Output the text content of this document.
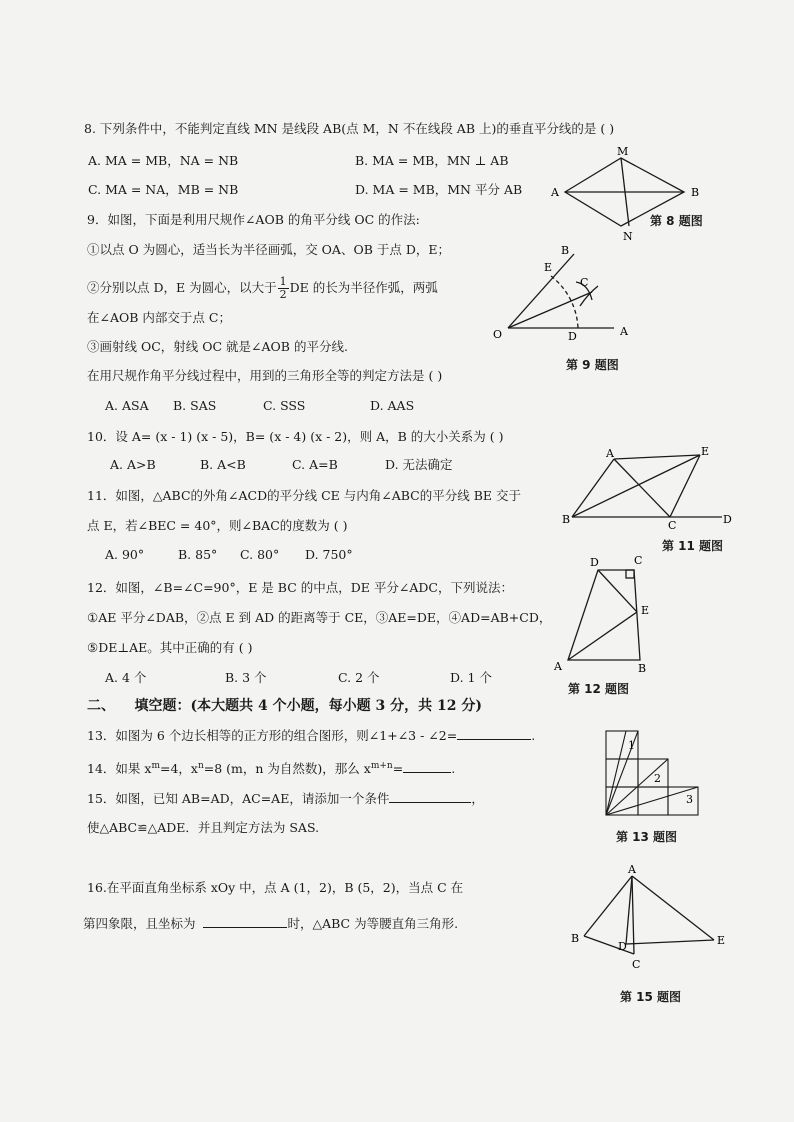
8. 下列条件中，不能判定直线 MN 是线段 AB(点 M，N 不在线段 AB 上)的垂直平分线的是 ( )
A. MA = MB，NA = NB	B. MA = MB，MN ⊥ AB
C. MA = NA，MB = NB	D. MA = MB，MN 平分 AB
M
A	B
N
第 8 题图
9．如图，下面是利用尺规作∠AOB 的角平分线 OC 的作法:
①以点 O 为圆心，适当长为半径画弧，交 OA、OB 于点 D，E；
②分别以点 D，E 为圆心，以大于 $\frac{1}{2}$ DE 的长为半径作弧，两弧
在∠AOB 内部交于点 C；
③画射线 OC，射线 OC 就是∠AOB 的平分线.
在用尺规作角平分线过程中，用到的三角形全等的判定方法是 ( )
A. ASA B. SAS	C. SSS	D. AAS
B
E
C
O	D	A
第 9 题图
10．设 A= (x - 1) (x - 5)，B= (x - 4) (x - 2)，则 A，B 的大小关系为 ( )
A. A>B	B. A<B	C. A=B	D. 无法确定
11．如图，△ABC的外角∠ACD的平分线 CE 与内角∠ABC的平分线 BE 交于
点 E，若∠BEC = 40°，则∠BAC的度数为 ( )
A. 90°	B. 85° C. 80° D. 750°
A	E
B	C	D
第 11 题图
12．如图，∠B=∠C=90°，E 是 BC 的中点，DE 平分∠ADC，下列说法：
①AE 平分∠DAB，②点 E 到 AD 的距离等于 CE，③AE=DE，④AD=AB+CD，
⑤DE⊥AE。其中正确的有 ( )
A. 4 个	B. 3 个	C. 2 个	D. 1 个
D	C
E
A	B
第 12 题图
二、 填空题：(本大题共 4 个小题，每小题 3 分，共 12 分)
13．如图为 6 个边长相等的正方形的组合图形，则∠1+∠3 - ∠2=	.
1
2
3
第 13 题图
14．如果 $x^m=4$，$x^n=8$ (m，n 为自然数)，那么 $x^{m+n}=$	.
15．如图，已知 AB=AD，AC=AE，请添加一个条件	，
使△ABC≌△ADE．并且判定方法为 SAS.
A
B
D	E
C
第 15 题图
16.在平面直角坐标系 xOy 中，点 A (1，2)，B (5，2)，当点 C 在
第四象限，且坐标为	时，△ABC 为等腰直角三角形.
